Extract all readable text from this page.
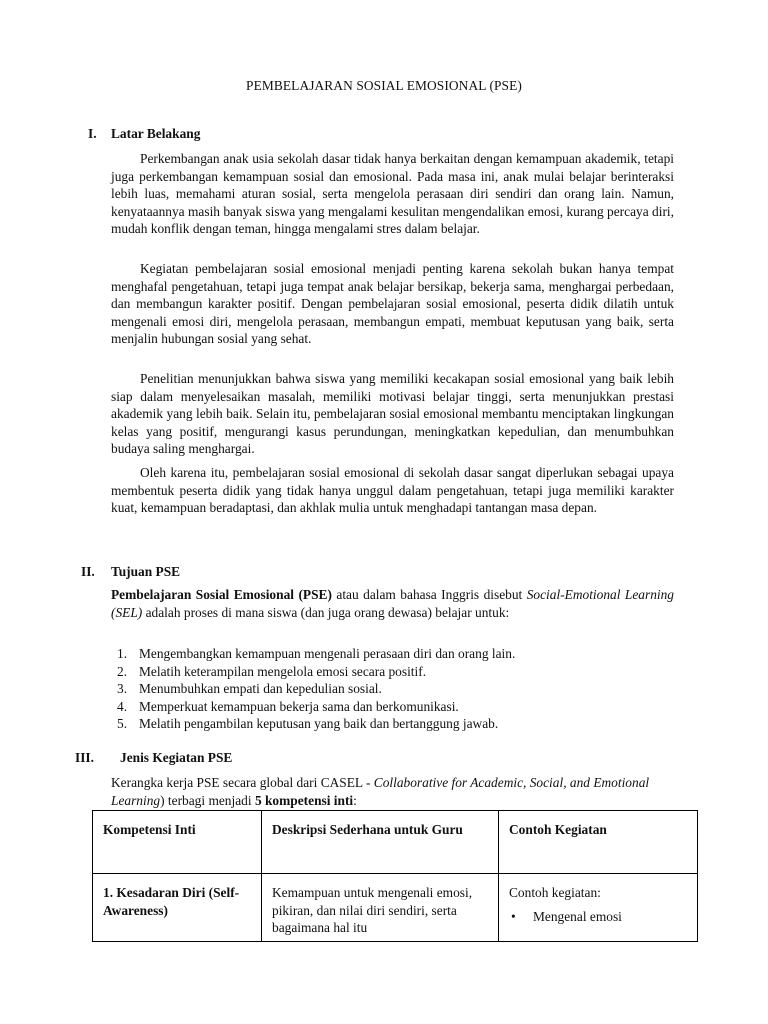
PEMBELAJARAN SOSIAL EMOSIONAL (PSE)
I. Latar Belakang

Perkembangan anak usia sekolah dasar tidak hanya berkaitan dengan kemampuan akademik, tetapi juga perkembangan kemampuan sosial dan emosional. Pada masa ini, anak mulai belajar berinteraksi lebih luas, memahami aturan sosial, serta mengelola perasaan diri sendiri dan orang lain. Namun, kenyataannya masih banyak siswa yang mengalami kesulitan mengendalikan emosi, kurang percaya diri, mudah konflik dengan teman, hingga mengalami stres dalam belajar.

Kegiatan pembelajaran sosial emosional menjadi penting karena sekolah bukan hanya tempat menghafal pengetahuan, tetapi juga tempat anak belajar bersikap, bekerja sama, menghargai perbedaan, dan membangun karakter positif. Dengan pembelajaran sosial emosional, peserta didik dilatih untuk mengenali emosi diri, mengelola perasaan, membangun empati, membuat keputusan yang baik, serta menjalin hubungan sosial yang sehat.

Penelitian menunjukkan bahwa siswa yang memiliki kecakapan sosial emosional yang baik lebih siap dalam menyelesaikan masalah, memiliki motivasi belajar tinggi, serta menunjukkan prestasi akademik yang lebih baik. Selain itu, pembelajaran sosial emosional membantu menciptakan lingkungan kelas yang positif, mengurangi kasus perundungan, meningkatkan kepedulian, dan menumbuhkan budaya saling menghargai.

Oleh karena itu, pembelajaran sosial emosional di sekolah dasar sangat diperlukan sebagai upaya membentuk peserta didik yang tidak hanya unggul dalam pengetahuan, tetapi juga memiliki karakter kuat, kemampuan beradaptasi, dan akhlak mulia untuk menghadapi tantangan masa depan.

II. Tujuan PSE

Pembelajaran Sosial Emosional (PSE) atau dalam bahasa Inggris disebut Social-Emotional Learning (SEL) adalah proses di mana siswa (dan juga orang dewasa) belajar untuk:

1. Mengembangkan kemampuan mengenali perasaan diri dan orang lain.
2. Melatih keterampilan mengelola emosi secara positif.
3. Menumbuhkan empati dan kepedulian sosial.
4. Memperkuat kemampuan bekerja sama dan berkomunikasi.
5. Melatih pengambilan keputusan yang baik dan bertanggung jawab.
III. Jenis Kegiatan PSE

Kerangka kerja PSE secara global dari CASEL - Collaborative for Academic, Social, and Emotional Learning) terbagi menjadi 5 kompetensi inti:

Kompetensi Inti	Deskripsi Sederhana untuk Guru	Contoh Kegiatan
1. Kesadaran Diri (Self-Awareness)	Kemampuan untuk mengenali emosi, pikiran, dan nilai diri sendiri, serta bagaimana hal itu	Contoh kegiatan:
• Mengenal emosi
